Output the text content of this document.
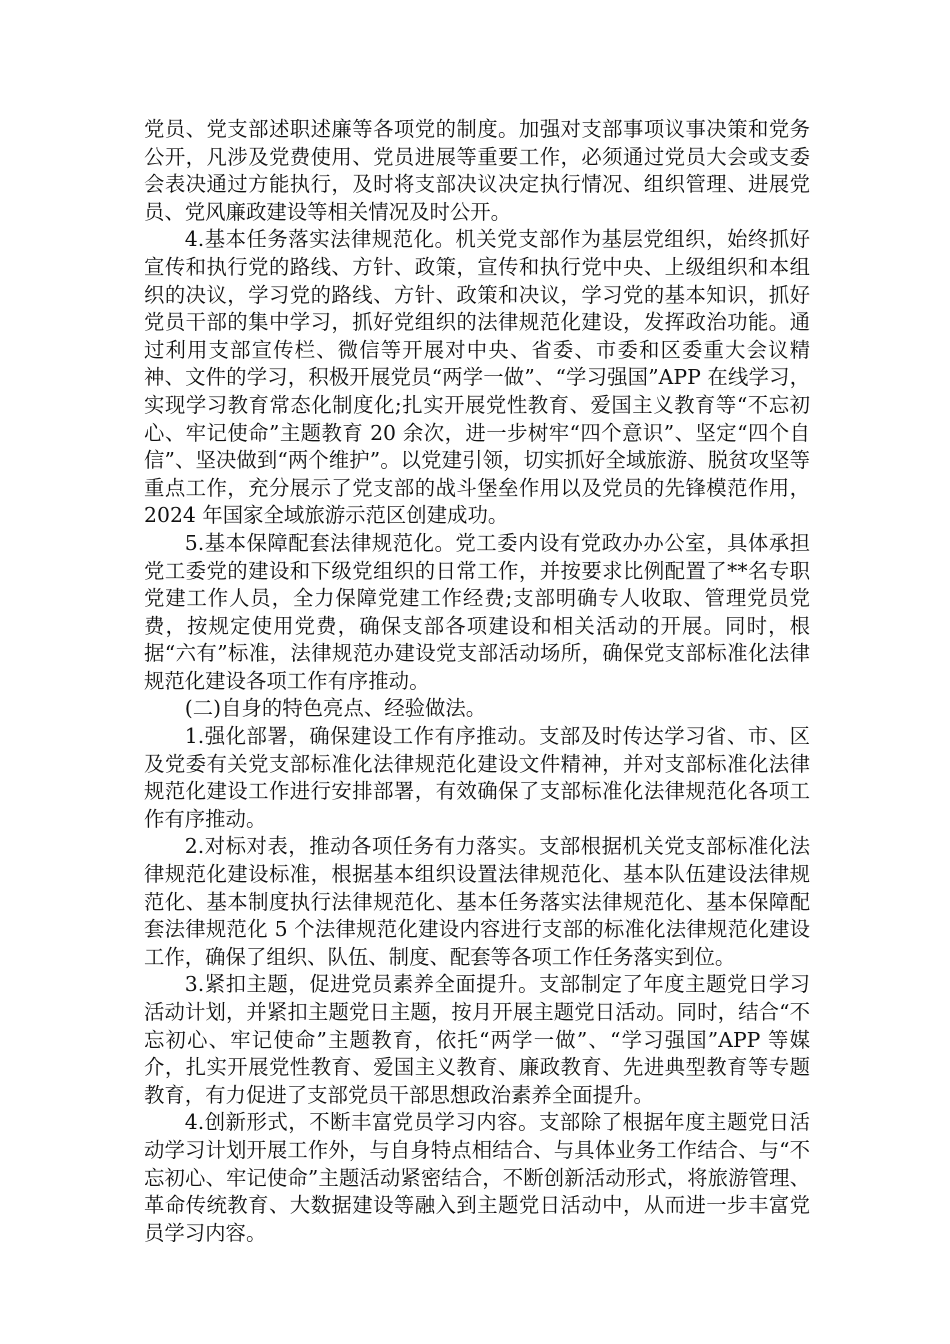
党员、党支部述职述廉等各项党的制度。加强对支部事项议事决策和党务公开，凡涉及党费使用、党员进展等重要工作，必须通过党员大会或支委会表决通过方能执行，及时将支部决议决定执行情况、组织管理、进展党员、党风廉政建设等相关情况及时公开。

4.基本任务落实法律规范化。机关党支部作为基层党组织，始终抓好宣传和执行党的路线、方针、政策，宣传和执行党中央、上级组织和本组织的决议，学习党的路线、方针、政策和决议，学习党的基本知识，抓好党员干部的集中学习，抓好党组织的法律规范化建设，发挥政治功能。通过利用支部宣传栏、微信等开展对中央、省委、市委和区委重大会议精神、文件的学习，积极开展党员“两学一做”、“学习强国”APP 在线学习，实现学习教育常态化制度化;扎实开展党性教育、爱国主义教育等“不忘初心、牢记使命”主题教育 20 余次，进一步树牢“四个意识”、坚定“四个自信”、坚决做到“两个维护”。以党建引领，切实抓好全域旅游、脱贫攻坚等重点工作，充分展示了党支部的战斗堡垒作用以及党员的先锋模范作用，2024 年国家全域旅游示范区创建成功。

5.基本保障配套法律规范化。党工委内设有党政办办公室，具体承担党工委党的建设和下级党组织的日常工作，并按要求比例配置了**名专职党建工作人员，全力保障党建工作经费;支部明确专人收取、管理党员党费，按规定使用党费，确保支部各项建设和相关活动的开展。同时，根据“六有”标准，法律规范办建设党支部活动场所，确保党支部标准化法律规范化建设各项工作有序推动。

(二)自身的特色亮点、经验做法。

1.强化部署，确保建设工作有序推动。支部及时传达学习省、市、区及党委有关党支部标准化法律规范化建设文件精神，并对支部标准化法律规范化建设工作进行安排部署，有效确保了支部标准化法律规范化各项工作有序推动。

2.对标对表，推动各项任务有力落实。支部根据机关党支部标准化法律规范化建设标准，根据基本组织设置法律规范化、基本队伍建设法律规范化、基本制度执行法律规范化、基本任务落实法律规范化、基本保障配套法律规范化 5 个法律规范化建设内容进行支部的标准化法律规范化建设工作，确保了组织、队伍、制度、配套等各项工作任务落实到位。

3.紧扣主题，促进党员素养全面提升。支部制定了年度主题党日学习活动计划，并紧扣主题党日主题，按月开展主题党日活动。同时，结合“不忘初心、牢记使命”主题教育，依托“两学一做”、“学习强国”APP 等媒介，扎实开展党性教育、爱国主义教育、廉政教育、先进典型教育等专题教育，有力促进了支部党员干部思想政治素养全面提升。

4.创新形式，不断丰富党员学习内容。支部除了根据年度主题党日活动学习计划开展工作外，与自身特点相结合、与具体业务工作结合、与“不忘初心、牢记使命”主题活动紧密结合，不断创新活动形式，将旅游管理、革命传统教育、大数据建设等融入到主题党日活动中，从而进一步丰富党员学习内容。
